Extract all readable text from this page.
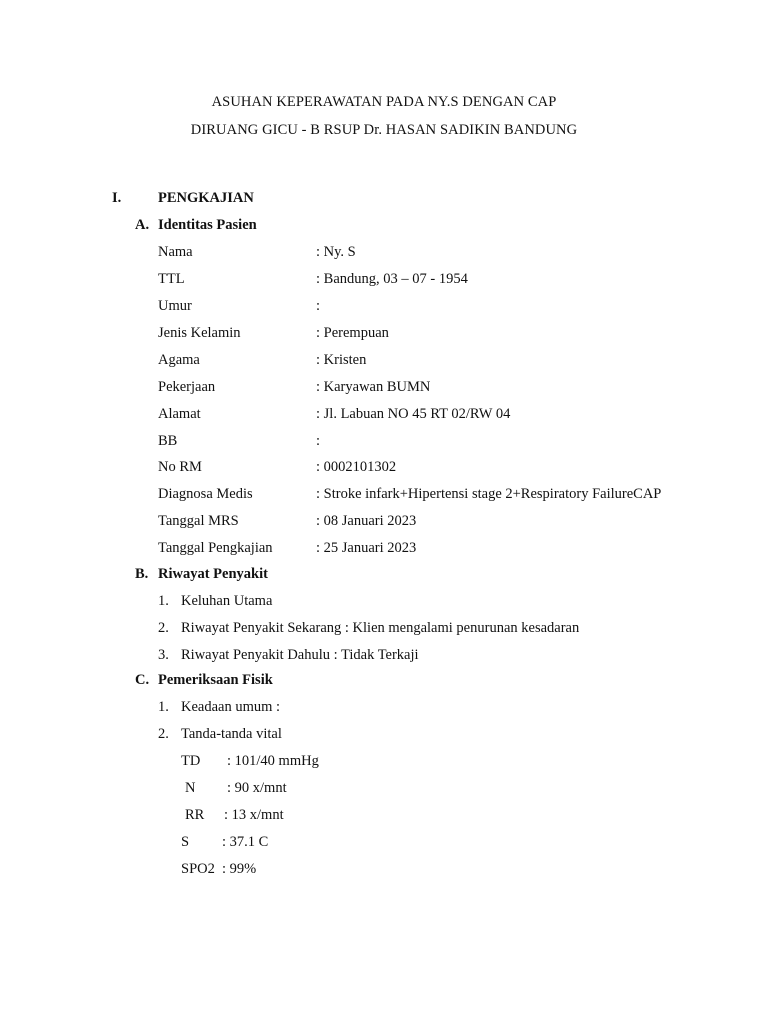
ASUHAN KEPERAWATAN PADA NY.S DENGAN CAP
DIRUANG GICU - B RSUP Dr. HASAN SADIKIN BANDUNG
I.	PENGKAJIAN
A. Identitas Pasien
Nama	: Ny. S
TTL	: Bandung, 03 – 07 - 1954
Umur	:
Jenis Kelamin	: Perempuan
Agama	: Kristen
Pekerjaan	: Karyawan BUMN
Alamat	: Jl. Labuan NO 45 RT 02/RW 04
BB	:
No RM	: 0002101302
Diagnosa Medis	: Stroke infark+Hipertensi stage 2+Respiratory FailureCAP
Tanggal MRS	: 08 Januari 2023
Tanggal Pengkajian	: 25 Januari 2023
B. Riwayat Penyakit
1. Keluhan Utama
2. Riwayat Penyakit Sekarang : Klien mengalami penurunan kesadaran
3. Riwayat Penyakit Dahulu : Tidak Terkaji
C. Pemeriksaan Fisik
1. Keadaan umum :
2. Tanda-tanda vital
TD : 101/40 mmHg
N : 90 x/mnt
RR : 13 x/mnt
S : 37.1 C
SPO2 : 99%
